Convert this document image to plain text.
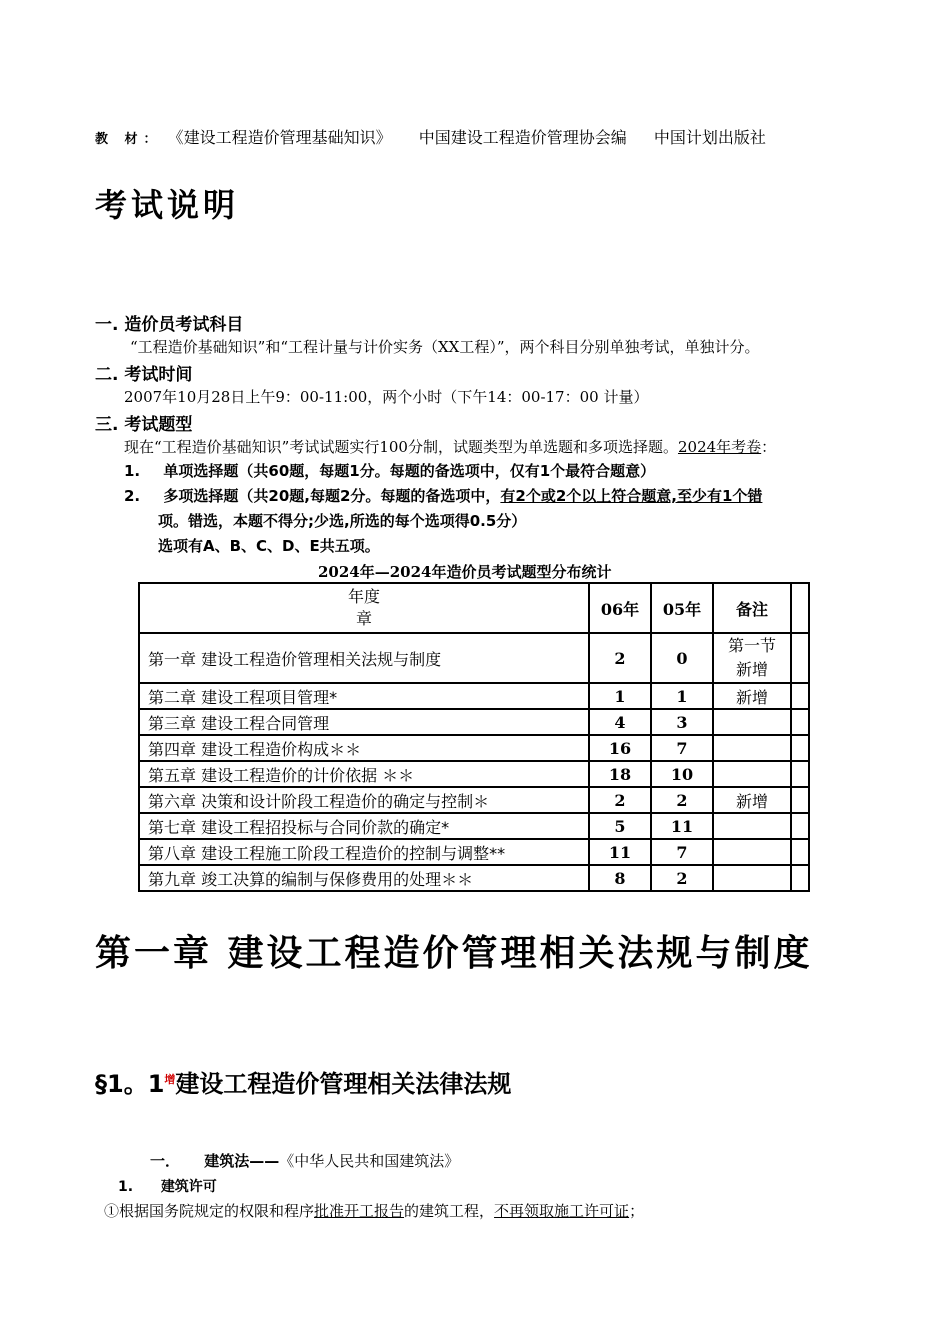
教 材： 《建设工程造价管理基础知识》 中国建设工程造价管理协会编 中国计划出版社
考试说明
一. 造价员考试科目
“工程造价基础知识”和“工程计量与计价实务（XX工程）”，两个科目分别单独考试，单独计分。
二. 考试时间
2007年10月28日上午9：00-11:00，两个小时（下午14：00-17：00 计量）
三. 考试题型
现在“工程造价基础知识”考试试题实行100分制，试题类型为单选题和多项选择题。2024年考卷：
1. 单项选择题（共60题，每题1分。每题的备选项中，仅有1个最符合题意）
2. 多项选择题（共20题,每题2分。每题的备选项中，有2个或2个以上符合题意,至少有1个错
项。错选，本题不得分;少选,所选的每个选项得0.5分）
选项有A、B、C、D、E共五项。
2024年—2024年造价员考试题型分布统计
年度
章	06年	05年	备注	
第一章 建设工程造价管理相关法规与制度	2	0	第一节
新增	

第二章 建设工程项目管理*	1	1	新增	
第三章 建设工程合同管理	4	3		
第四章 建设工程造价构成＊＊	16	7		
第五章 建设工程造价的计价依据 ＊＊	18	10		
第六章 决策和设计阶段工程造价的确定与控制＊	2	2	新增	
第七章 建设工程招投标与合同价款的确定*	5	11		
第八章 建设工程施工阶段工程造价的控制与调整**	11	7		
第九章 竣工决算的编制与保修费用的处理＊＊	8	2		
第一章 建设工程造价管理相关法规与制度
§1。$1^增$建设工程造价管理相关法律法规
一． 建筑法——《中华人民共和国建筑法》
1. 建筑许可
①根据国务院规定的权限和程序批准开工报告的建筑工程，不再领取施工许可证；
